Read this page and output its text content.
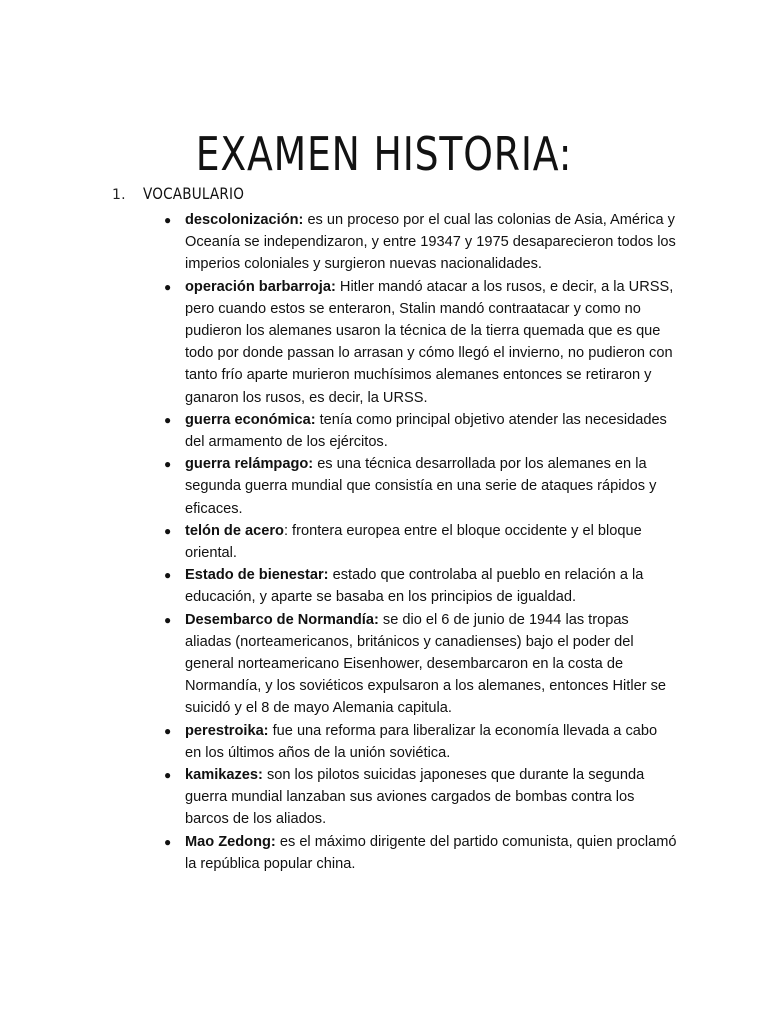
EXAMEN HISTORIA:
1. VOCABULARIO
● descolonización: es un proceso por el cual las colonias de Asia, América y Oceanía se independizaron, y entre 19347 y 1975 desaparecieron todos los imperios coloniales y surgieron nuevas nacionalidades.
● operación barbarroja: Hitler mandó atacar a los rusos, e decir, a la URSS, pero cuando estos se enteraron, Stalin mandó contraatacar y como no pudieron los alemanes usaron la técnica de la tierra quemada que es que todo por donde passan lo arrasan y cómo llegó el invierno, no pudieron con tanto frío aparte murieron muchísimos alemanes entonces se retiraron y ganaron los rusos, es decir, la URSS.
● guerra económica: tenía como principal objetivo atender las necesidades del armamento de los ejércitos.
● guerra relámpago: es una técnica desarrollada por los alemanes en la segunda guerra mundial que consistía en una serie de ataques rápidos y eficaces.
● telón de acero: frontera europea entre el bloque occidente y el bloque oriental.
● Estado de bienestar: estado que controlaba al pueblo en relación a la educación, y aparte se basaba en los principios de igualdad.
● Desembarco de Normandía: se dio el 6 de junio de 1944 las tropas aliadas (norteamericanos, británicos y canadienses) bajo el poder del general norteamericano Eisenhower, desembarcaron en la costa de Normandía, y los soviéticos expulsaron a los alemanes, entonces Hitler se suicidó y el 8 de mayo Alemania capitula.
● perestroika: fue una reforma para liberalizar la economía llevada a cabo en los últimos años de la unión soviética.
● kamikazes: son los pilotos suicidas japoneses que durante la segunda guerra mundial lanzaban sus aviones cargados de bombas contra los barcos de los aliados.
● Mao Zedong: es el máximo dirigente del partido comunista, quien proclamó la república popular china.
